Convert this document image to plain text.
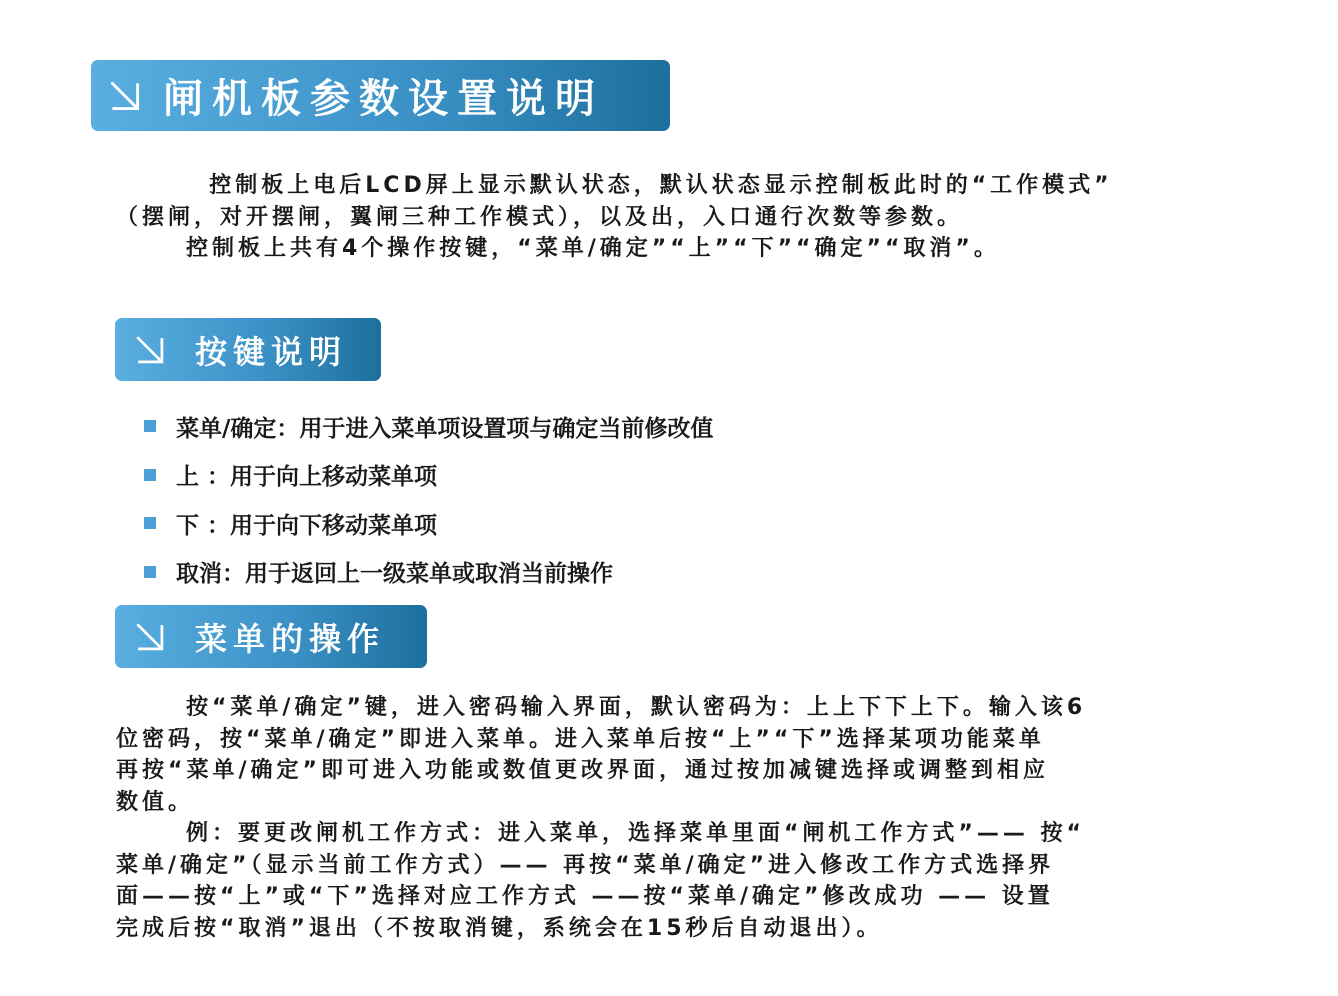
闸机板参数设置说明

控制板上电后LCD屏上显示默认状态，默认状态显示控制板此时的“工作模式”
（摆闸，对开摆闸，翼闸三种工作模式），以及出，入口通行次数等参数。
控制板上共有4个操作按键，“菜单/确定”“上”“下”“确定”“取消”。

按键说明
菜单/确定：用于进入菜单项设置项与确定当前修改值
上 ：用于向上移动菜单项
下 ：用于向下移动菜单项
取消：用于返回上一级菜单或取消当前操作
菜单的操作

按“菜单/确定”键，进入密码输入界面，默认密码为：上上下下上下。输入该6
位密码，按“菜单/确定”即进入菜单。进入菜单后按“上”“下”选择某项功能菜单
再按“菜单/确定”即可进入功能或数值更改界面，通过按加减键选择或调整到相应
数值。
例：要更改闸机工作方式：进入菜单，选择菜单里面“闸机工作方式”—— 按“
菜单/确定”（显示当前工作方式）—— 再按“菜单/确定”进入修改工作方式选择界
面——按“上”或“下”选择对应工作方式 ——按“菜单/确定”修改成功 —— 设置
完成后按“取消”退出（不按取消键，系统会在15秒后自动退出）。
